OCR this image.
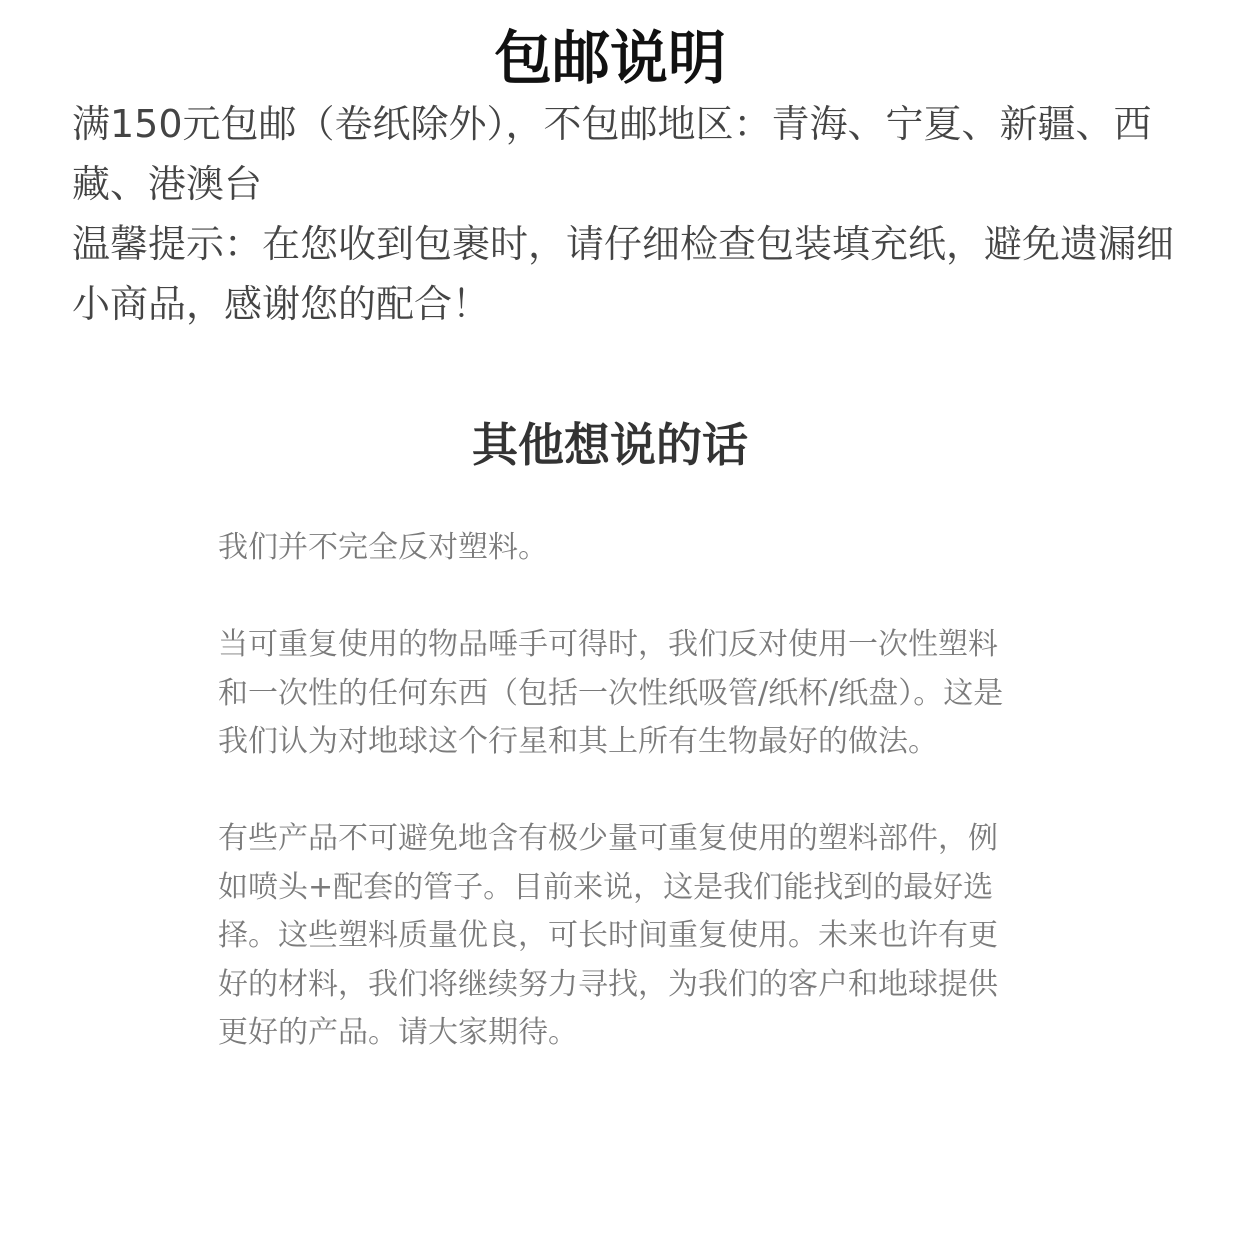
包邮说明

满150元包邮（卷纸除外），不包邮地区：青海、宁夏、新疆、西藏、港澳台

温馨提示：在您收到包裹时，请仔细检查包装填充纸，避免遗漏细小商品，感谢您的配合！

其他想说的话

我们并不完全反对塑料。

当可重复使用的物品唾手可得时，我们反对使用一次性塑料和一次性的任何东西（包括一次性纸吸管/纸杯/纸盘）。这是我们认为对地球这个行星和其上所有生物最好的做法。

有些产品不可避免地含有极少量可重复使用的塑料部件，例如喷头+配套的管子。目前来说，这是我们能找到的最好选择。这些塑料质量优良，可长时间重复使用。未来也许有更好的材料，我们将继续努力寻找，为我们的客户和地球提供更好的产品。请大家期待。
